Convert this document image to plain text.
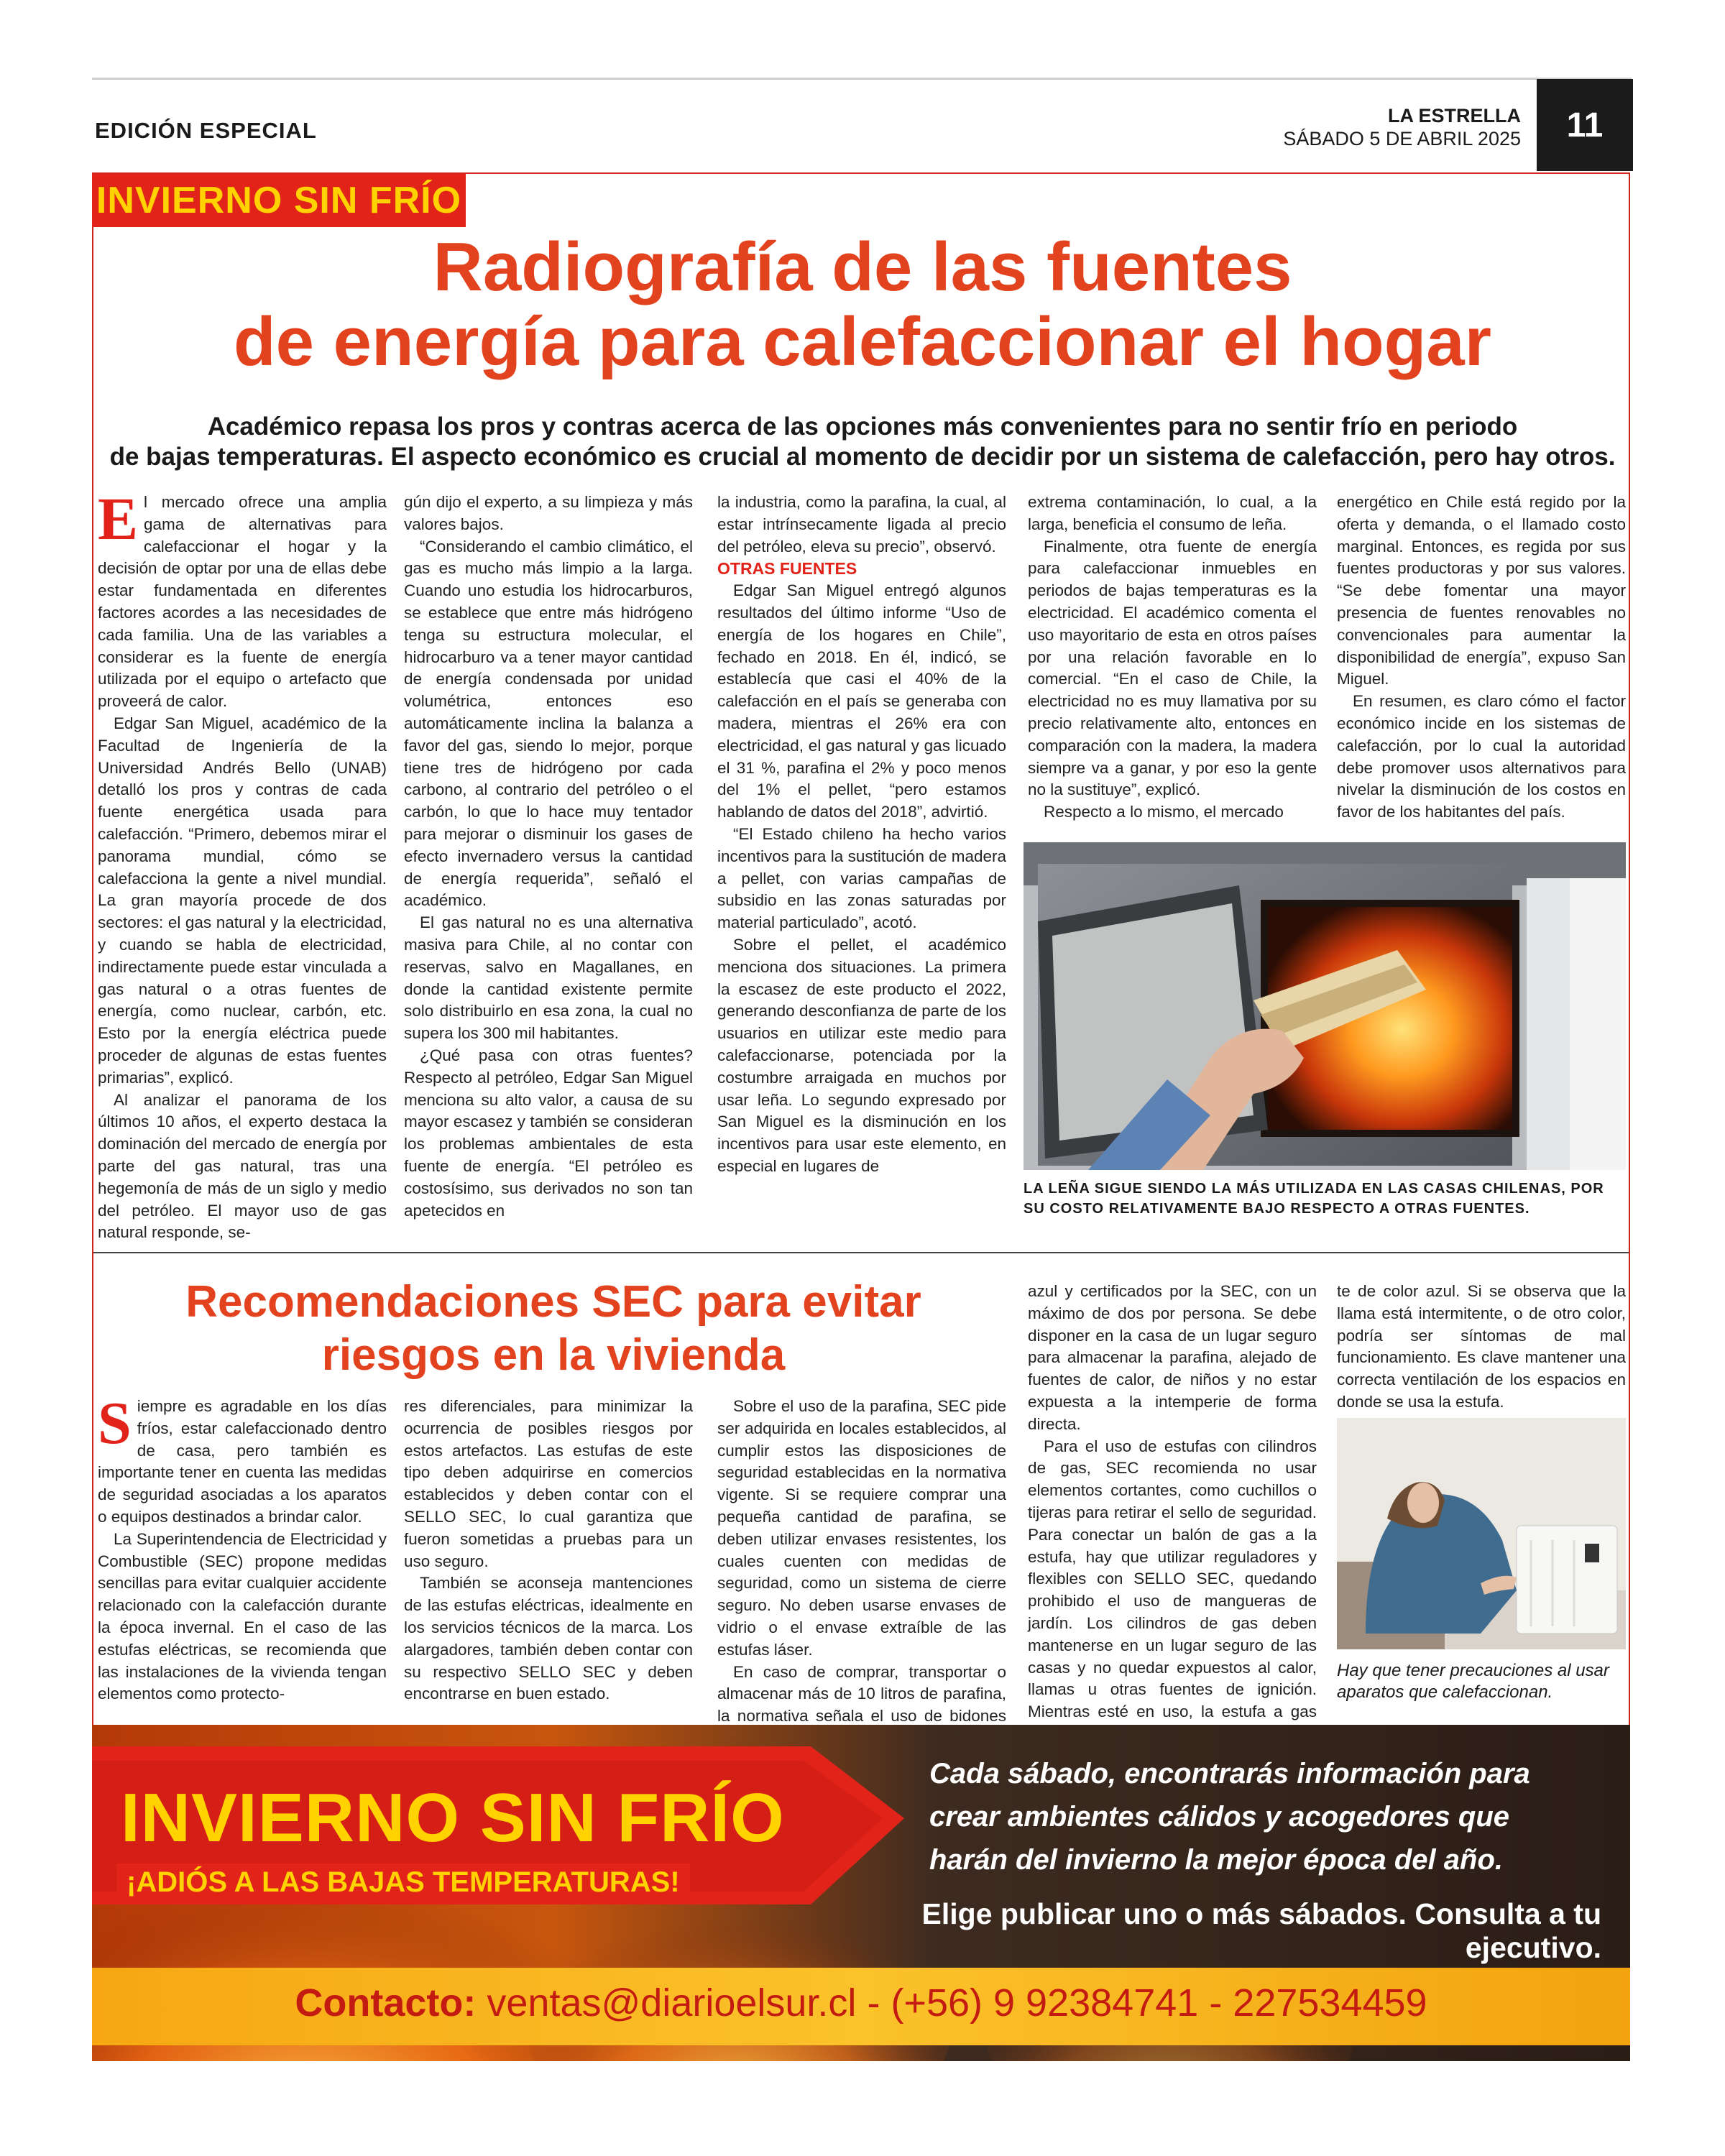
EDICIÓN ESPECIAL
LA ESTRELLA
SÁBADO 5 DE ABRIL 2025	11
INVIERNO SIN FRÍO
Radiografía de las fuentes
de energía para calefaccionar el hogar
Académico repasa los pros y contras acerca de las opciones más convenientes para no sentir frío en periodo
de bajas temperaturas. El aspecto económico es crucial al momento de decidir por un sistema de calefacción, pero hay otros.

El mercado ofrece una amplia gama de alternativas para calefaccionar el hogar y la decisión de optar por una de ellas debe estar fundamentada en diferentes factores acordes a las necesidades de cada familia. Una de las variables a considerar es la fuente de energía utilizada por el equipo o artefacto que proveerá de calor.

Edgar San Miguel, académico de la Facultad de Ingeniería de la Universidad Andrés Bello (UNAB) detalló los pros y contras de cada fuente energética usada para calefacción. “Primero, debemos mirar el panorama mundial, cómo se calefacciona la gente a nivel mundial. La gran mayoría procede de dos sectores: el gas natural y la electricidad, y cuando se habla de electricidad, indirectamente puede estar vinculada a gas natural o a otras fuentes de energía, como nuclear, carbón, etc. Esto por la energía eléctrica puede proceder de algunas de estas fuentes primarias”, explicó.

Al analizar el panorama de los últimos 10 años, el experto destaca la dominación del mercado de energía por parte del gas natural, tras una hegemonía de más de un siglo y medio del petróleo. El mayor uso de gas natural responde, se-

gún dijo el experto, a su limpieza y más valores bajos.

“Considerando el cambio climático, el gas es mucho más limpio a la larga. Cuando uno estudia los hidrocarburos, se establece que entre más hidrógeno tenga su estructura molecular, el hidrocarburo va a tener mayor cantidad de energía condensada por unidad volumétrica, entonces eso automáticamente inclina la balanza a favor del gas, siendo lo mejor, porque tiene tres de hidrógeno por cada carbono, al contrario del petróleo o el carbón, lo que lo hace muy tentador para mejorar o disminuir los gases de efecto invernadero versus la cantidad de energía requerida”, señaló el académico.

El gas natural no es una alternativa masiva para Chile, al no contar con reservas, salvo en Magallanes, en donde la cantidad existente permite solo distribuirlo en esa zona, la cual no supera los 300 mil habitantes.

¿Qué pasa con otras fuentes? Respecto al petróleo, Edgar San Miguel menciona su alto valor, a causa de su mayor escasez y también se consideran los problemas ambientales de esta fuente de energía. “El petróleo es costosísimo, sus derivados no son tan apetecidos en

la industria, como la parafina, la cual, al estar intrínsecamente ligada al precio del petróleo, eleva su precio”, observó.

OTRAS FUENTES

Edgar San Miguel entregó algunos resultados del último informe “Uso de energía de los hogares en Chile”, fechado en 2018. En él, indicó, se establecía que casi el 40% de la calefacción en el país se generaba con madera, mientras el 26% era con electricidad, el gas natural y gas licuado el 31 %, parafina el 2% y poco menos del 1% el pellet, “pero estamos hablando de datos del 2018”, advirtió.

“El Estado chileno ha hecho varios incentivos para la sustitución de madera a pellet, con varias campañas de subsidio en las zonas saturadas por material particulado”, acotó.

Sobre el pellet, el académico menciona dos situaciones. La primera la escasez de este producto el 2022, generando desconfianza de parte de los usuarios en utilizar este medio para calefaccionarse, potenciada por la costumbre arraigada en muchos por usar leña. Lo segundo expresado por San Miguel es la disminución en los incentivos para usar este elemento, en especial en lugares de

extrema contaminación, lo cual, a la larga, beneficia el consumo de leña.

Finalmente, otra fuente de energía para calefaccionar inmuebles en periodos de bajas temperaturas es la electricidad. El académico comenta el uso mayoritario de esta en otros países por una relación favorable en lo comercial. “En el caso de Chile, la electricidad no es muy llamativa por su precio relativamente alto, entonces en comparación con la madera, la madera siempre va a ganar, y por eso la gente no la sustituye”, explicó.

Respecto a lo mismo, el mercado

energético en Chile está regido por la oferta y demanda, o el llamado costo marginal. Entonces, es regida por sus fuentes productoras y por sus valores. “Se debe fomentar una mayor presencia de fuentes renovables no convencionales para aumentar la disponibilidad de energía”, expuso San Miguel.

En resumen, es claro cómo el factor económico incide en los sistemas de calefacción, por lo cual la autoridad debe promover usos alternativos para nivelar la disminución de los costos en favor de los habitantes del país.

LA LEÑA SIGUE SIENDO LA MÁS UTILIZADA EN LAS CASAS CHILENAS, POR SU COSTO RELATIVAMENTE BAJO RESPECTO A OTRAS FUENTES.
Recomendaciones SEC para evitar
riesgos en la vivienda

Siempre es agradable en los días fríos, estar calefaccionado dentro de casa, pero también es importante tener en cuenta las medidas de seguridad asociadas a los aparatos o equipos destinados a brindar calor.

La Superintendencia de Electricidad y Combustible (SEC) propone medidas sencillas para evitar cualquier accidente relacionado con la calefacción durante la época invernal. En el caso de las estufas eléctricas, se recomienda que las instalaciones de la vivienda tengan elementos como protecto-

res diferenciales, para minimizar la ocurrencia de posibles riesgos por estos artefactos. Las estufas de este tipo deben adquirirse en comercios establecidos y deben contar con el SELLO SEC, lo cual garantiza que fueron sometidas a pruebas para un uso seguro.

También se aconseja mantenciones de las estufas eléctricas, idealmente en los servicios técnicos de la marca. Los alargadores, también deben contar con su respectivo SELLO SEC y deben encontrarse en buen estado.

Sobre el uso de la parafina, SEC pide ser adquirida en locales establecidos, al cumplir estos las disposiciones de seguridad establecidas en la normativa vigente. Si se requiere comprar una pequeña cantidad de parafina, se deben utilizar envases resistentes, los cuales cuenten con medidas de seguridad, como un sistema de cierre seguro. No deben usarse envases de vidrio o el envase extraíble de las estufas láser.

En caso de comprar, transportar o almacenar más de 10 litros de parafina, la normativa señala el uso de bidones

azul y certificados por la SEC, con un máximo de dos por persona. Se debe disponer en la casa de un lugar seguro para almacenar la parafina, alejado de fuentes de calor, de niños y no estar expuesta a la intemperie de forma directa.

Para el uso de estufas con cilindros de gas, SEC recomienda no usar elementos cortantes, como cuchillos o tijeras para retirar el sello de seguridad. Para conectar un balón de gas a la estufa, hay que utilizar reguladores y flexibles con SELLO SEC, quedando prohibido el uso de mangueras de jardín. Los cilindros de gas deben mantenerse en un lugar seguro de las casas y no quedar expuestos al calor, llamas u otras fuentes de ignición. Mientras esté en uso, la estufa a gas

te de color azul. Si se observa que la llama está intermitente, o de otro color, podría ser síntomas de mal funcionamiento. Es clave mantener una correcta ventilación de los espacios en donde se usa la estufa.

Hay que tener precauciones al usar aparatos que calefaccionan.
INVIERNO SIN FRÍO
¡ADIÓS A LAS BAJAS TEMPERATURAS!
Cada sábado, encontrarás información para
crear ambientes cálidos y acogedores que
harán del invierno la mejor época del año.
Elige publicar uno o más sábados. Consulta a tu ejecutivo.
Contacto: ventas@diarioelsur.cl - (+56) 9 92384741 - 227534459
